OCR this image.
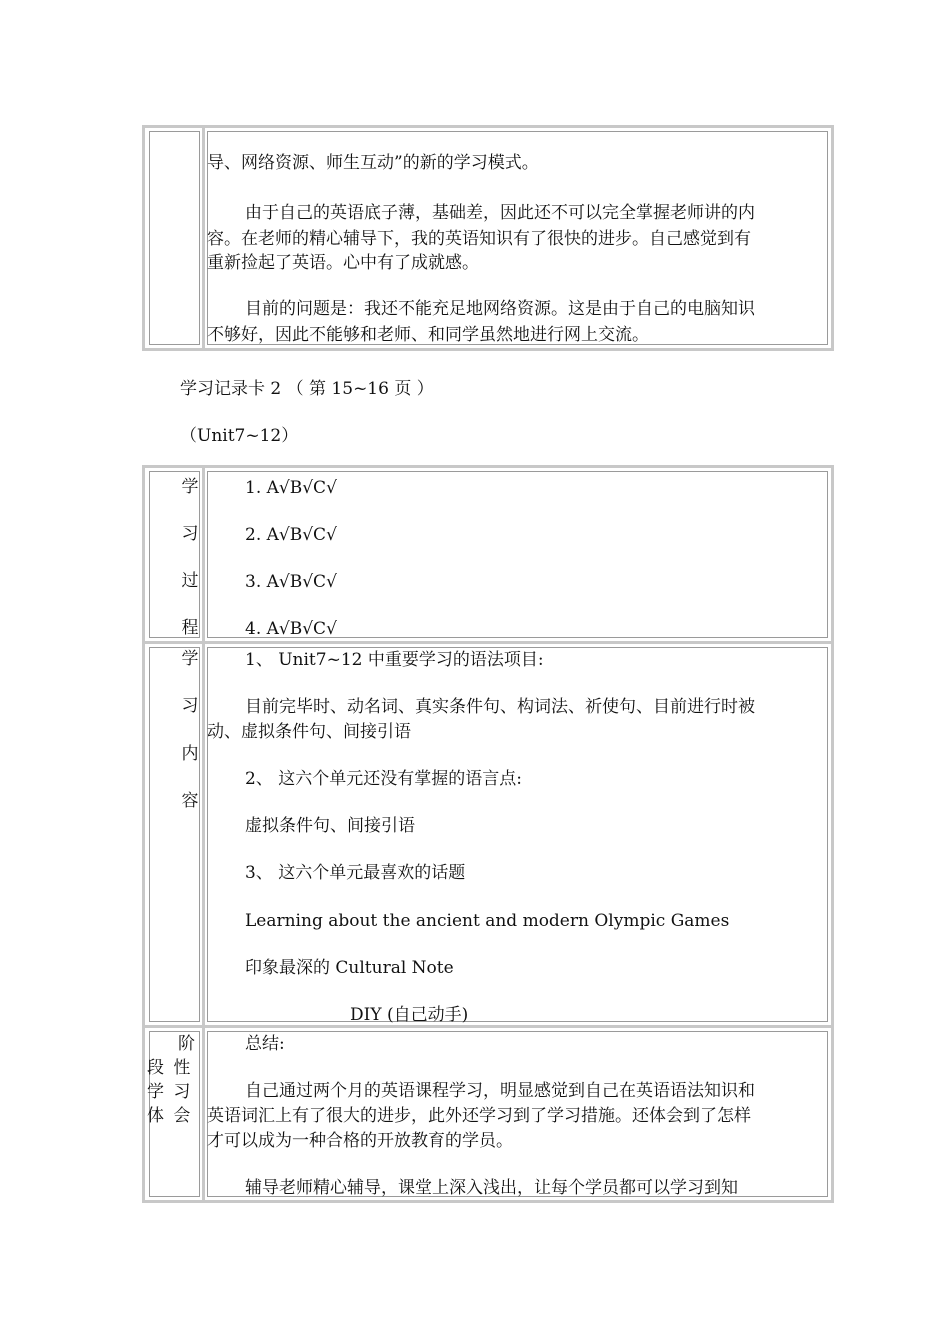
导、网络资源、师生互动”的新的学习模式。
由于自己的英语底子薄，基础差，因此还不可以完全掌握老师讲的内
容。在老师的精心辅导下，我的英语知识有了很快的进步。自己感觉到有
重新捡起了英语。心中有了成就感。
目前的问题是：我还不能充足地网络资源。这是由于自己的电脑知识
不够好，因此不能够和老师、和同学虽然地进行网上交流。
学习记录卡 2 （ 第 15~16 页 ）
（Unit7~12）
学
习
过
程
1. A√B√C√
2. A√B√C√
3. A√B√C√
4. A√B√C√
学
习
内
容
1、 Unit7~12 中重要学习的语法项目:
目前完毕时、动名词、真实条件句、构词法、祈使句、目前进行时被
动、虚拟条件句、间接引语
2、 这六个单元还没有掌握的语言点:
虚拟条件句、间接引语
3、 这六个单元最喜欢的话题
Learning about the ancient and modern Olympic Games
印象最深的 Cultural Note
DIY (自己动手)
阶
段 性
学 习
体 会
总结:
自己通过两个月的英语课程学习，明显感觉到自己在英语语法知识和
英语词汇上有了很大的进步，此外还学习到了学习措施。还体会到了怎样
才可以成为一种合格的开放教育的学员。
辅导老师精心辅导，课堂上深入浅出，让每个学员都可以学习到知
